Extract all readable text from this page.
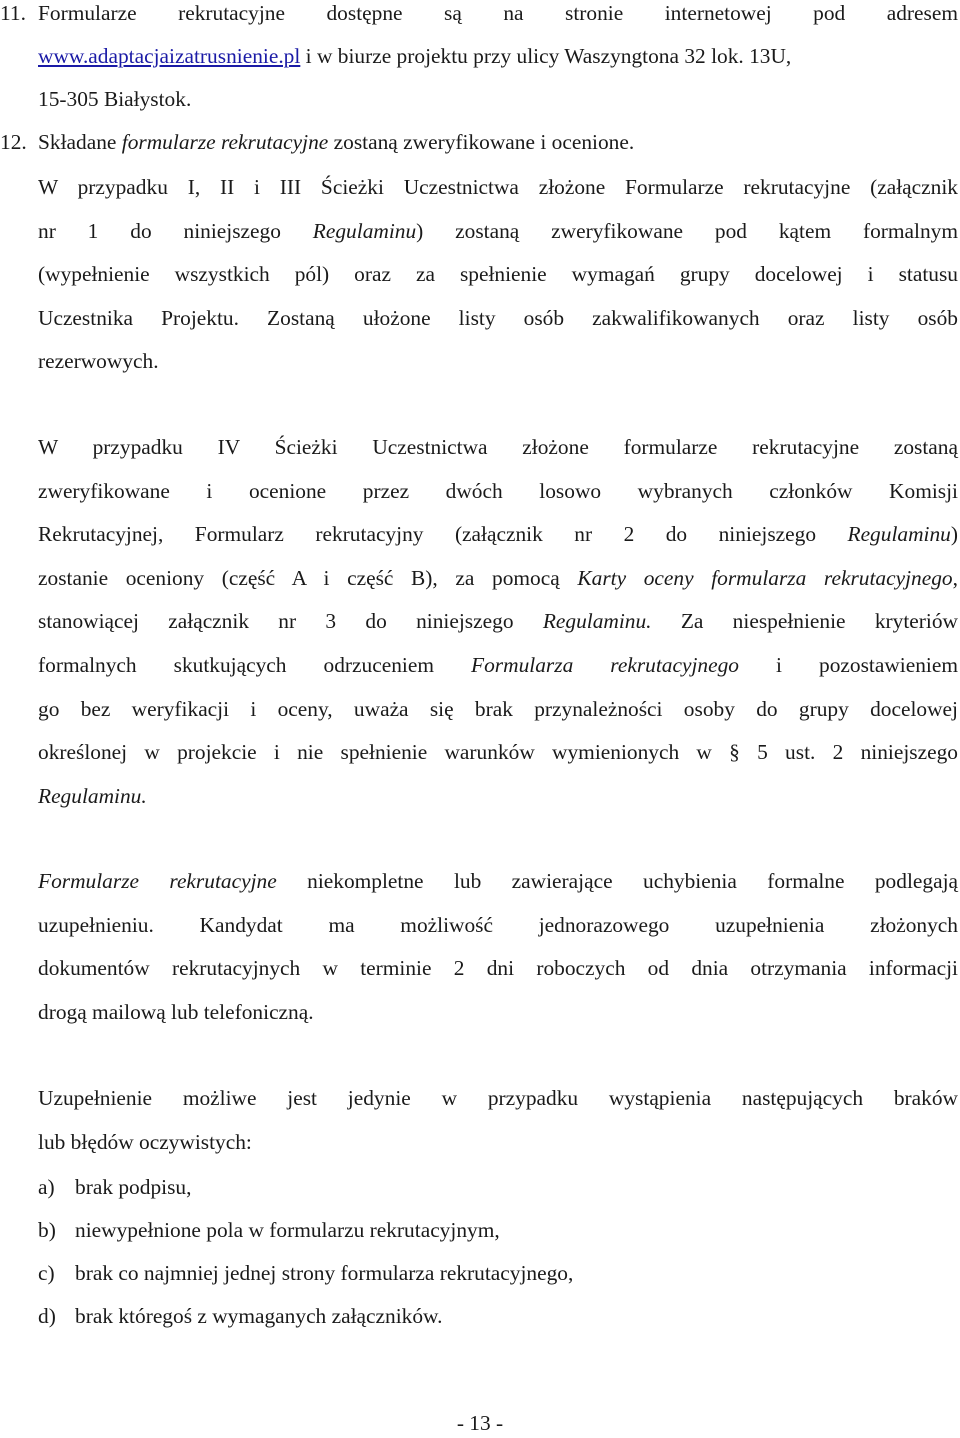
11. Formularze rekrutacyjne dostępne są na stronie internetowej pod adresem
www.adaptacjaizatrusnienie.pl i w biurze projektu przy ulicy Waszyngtona 32 lok. 13U,
15-305 Białystok.
12. Składane formularze rekrutacyjne zostaną zweryfikowane i ocenione.
W przypadku I, II i III Ścieżki Uczestnictwa złożone Formularze rekrutacyjne (załącznik
nr 1 do niniejszego Regulaminu) zostaną zweryfikowane pod kątem formalnym
(wypełnienie wszystkich pól) oraz za spełnienie wymagań grupy docelowej i statusu
Uczestnika Projektu. Zostaną ułożone listy osób zakwalifikowanych oraz listy osób
rezerwowych.
W przypadku IV Ścieżki Uczestnictwa złożone formularze rekrutacyjne zostaną
zweryfikowane i ocenione przez dwóch losowo wybranych członków Komisji
Rekrutacyjnej, Formularz rekrutacyjny (załącznik nr 2 do niniejszego Regulaminu)
zostanie oceniony (część A i część B), za pomocą Karty oceny formularza rekrutacyjnego,
stanowiącej załącznik nr 3 do niniejszego Regulaminu. Za niespełnienie kryteriów
formalnych skutkujących odrzuceniem Formularza rekrutacyjnego i pozostawieniem
go bez weryfikacji i oceny, uważa się brak przynależności osoby do grupy docelowej
określonej w projekcie i nie spełnienie warunków wymienionych w § 5 ust. 2 niniejszego
Regulaminu.
Formularze rekrutacyjne niekompletne lub zawierające uchybienia formalne podlegają
uzupełnieniu. Kandydat ma możliwość jednorazowego uzupełnienia złożonych
dokumentów rekrutacyjnych w terminie 2 dni roboczych od dnia otrzymania informacji
drogą mailową lub telefoniczną.
Uzupełnienie możliwe jest jedynie w przypadku wystąpienia następujących braków
lub błędów oczywistych:
a) brak podpisu,
b) niewypełnione pola w formularzu rekrutacyjnym,
c) brak co najmniej jednej strony formularza rekrutacyjnego,
d) brak któregoś z wymaganych załączników.
- 13 -
